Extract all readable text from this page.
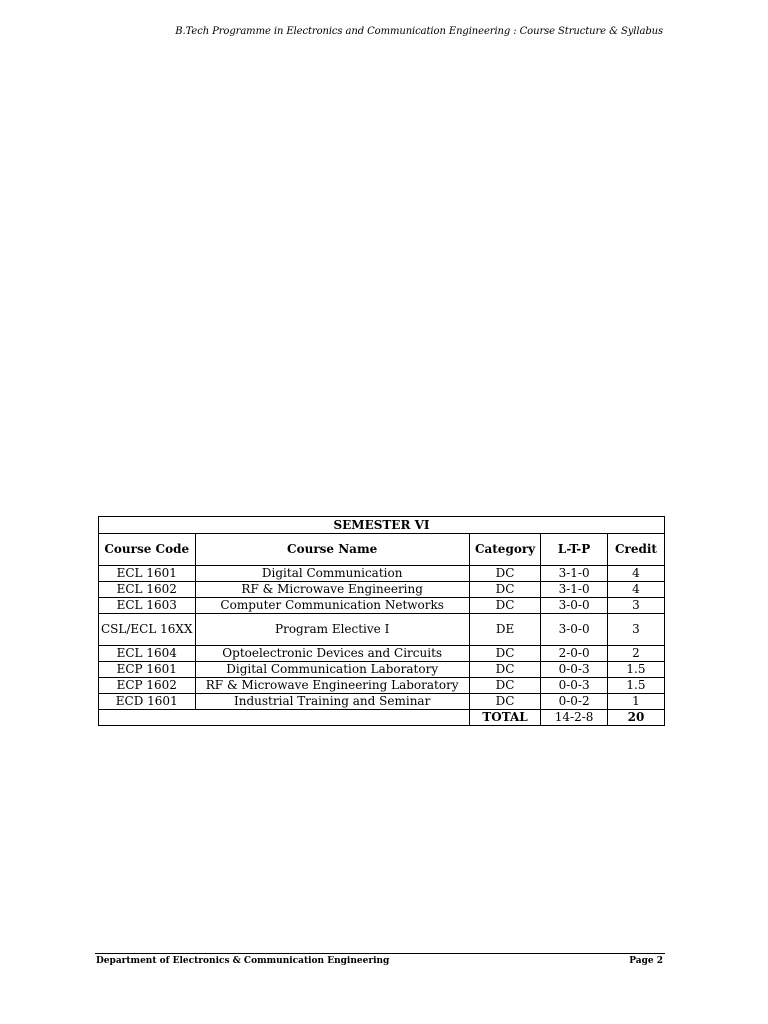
B.Tech Programme in Electronics and Communication Engineering : Course Structure & Syllabus
SEMESTER VI				
Course Code	Course Name	Category	L-T-P	Credit
ECL 1601	Digital Communication	DC	3-1-0	4
ECL 1602	RF & Microwave Engineering	DC	3-1-0	4
ECL 1603	Computer Communication Networks	DC	3-0-0	3
CSL/ECL 16XX	Program Elective I	DE	3-0-0	3
ECL 1604	Optoelectronic Devices and Circuits	DC	2-0-0	2
ECP 1601	Digital Communication Laboratory	DC	0-0-3	1.5
ECP 1602	RF & Microwave Engineering Laboratory	DC	0-0-3	1.5
ECD 1601	Industrial Training and Seminar	DC	0-0-2	1
		TOTAL	14-2-8	20
Department of Electronics & Communication Engineering	Page 2
